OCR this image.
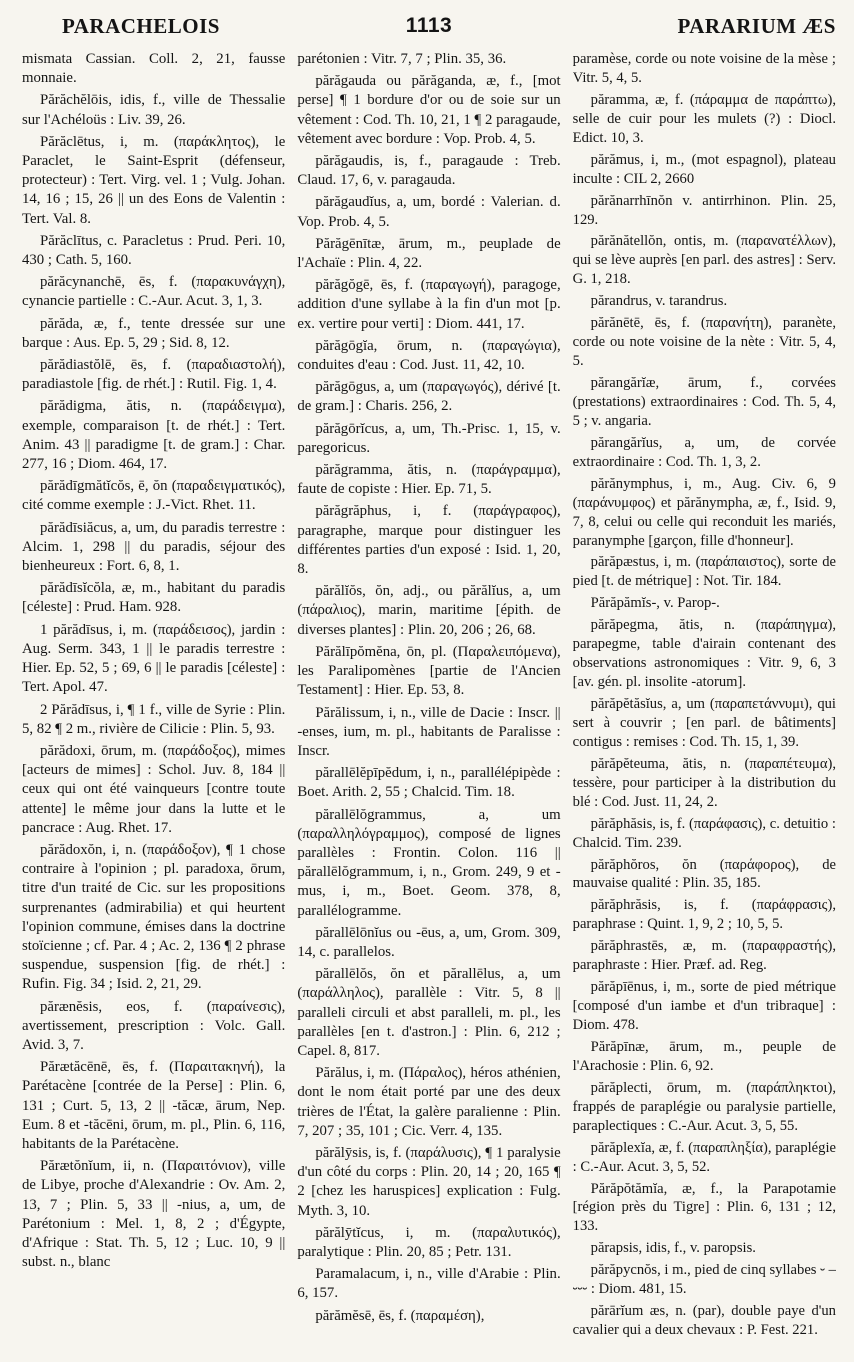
PARACHELOIS	1113	PARARIUM ÆS

mismata Cassian. Coll. 2, 21, fausse monnaie.

Părăchĕlōis, idis, f., ville de Thessalie sur l'Achéloüs : Liv. 39, 26.

Părăclētus, i, m. (παράκλητος), le Paraclet, le Saint-Esprit (défenseur, protecteur) : Tert. Virg. vel. 1 ; Vulg. Johan. 14, 16 ; 15, 26 || un des Eons de Valentin : Tert. Val. 8.

Părăclītus, c. Paracletus : Prud. Peri. 10, 430 ; Cath. 5, 160.

părăcynanchē, ēs, f. (παρακυνάγχη), cynancie partielle : C.-Aur. Acut. 3, 1, 3.

părăda, æ, f., tente dressée sur une barque : Aus. Ep. 5, 29 ; Sid. 8, 12.

părădiastŏlē, ēs, f. (παραδιαστολή), paradiastole [fig. de rhét.] : Rutil. Fig. 1, 4.

părădigma, ătis, n. (παράδειγμα), exemple, comparaison [t. de rhét.] : Tert. Anim. 43 || paradigme [t. de gram.] : Char. 277, 16 ; Diom. 464, 17.

părădīgmătĭcŏs, ē, ŏn (παραδειγματικός), cité comme exemple : J.-Vict. Rhet. 11.

părădīsiăcus, a, um, du paradis terrestre : Alcim. 1, 298 || du paradis, séjour des bienheureux : Fort. 6, 8, 1.

părădīsĭcŏla, æ, m., habitant du paradis [céleste] : Prud. Ham. 928.

1 părădīsus, i, m. (παράδεισος), jardin : Aug. Serm. 343, 1 || le paradis terrestre : Hier. Ep. 52, 5 ; 69, 6 || le paradis [céleste] : Tert. Apol. 47.

2 Părădīsus, i, ¶ 1 f., ville de Syrie : Plin. 5, 82 ¶ 2 m., rivière de Cilicie : Plin. 5, 93.

părădoxi, ōrum, m. (παράδοξος), mimes [acteurs de mimes] : Schol. Juv. 8, 184 || ceux qui ont été vainqueurs [contre toute attente] le même jour dans la lutte et le pancrace : Aug. Rhet. 17.

părădoxŏn, i, n. (παράδοξον), ¶ 1 chose contraire à l'opinion ; pl. paradoxa, ōrum, titre d'un traité de Cic. sur les propositions surprenantes (admirabilia) et qui heurtent l'opinion commune, émises dans la doctrine stoïcienne ; cf. Par. 4 ; Ac. 2, 136 ¶ 2 phrase suspendue, suspension [fig. de rhét.] : Rufin. Fig. 34 ; Isid. 2, 21, 29.

părænĕsis, eos, f. (παραίνεσις), avertissement, prescription : Volc. Gall. Avid. 3, 7.

Părætăcēnē, ēs, f. (Παραιτακηνή), la Parétacène [contrée de la Perse] : Plin. 6, 131 ; Curt. 5, 13, 2 || -tăcæ, ārum, Nep. Eum. 8 et -tăcēni, ōrum, m. pl., Plin. 6, 116, habitants de la Parétacène.

Părætŏnĭum, ii, n. (Παραιτόνιον), ville de Libye, proche d'Alexandrie : Ov. Am. 2, 13, 7 ; Plin. 5, 33 || -nius, a, um, de Parétonium : Mel. 1, 8, 2 ; d'Égypte, d'Afrique : Stat. Th. 5, 12 ; Luc. 10, 9 || subst. n., blanc

parétonien : Vitr. 7, 7 ; Plin. 35, 36.

părăgauda ou părăganda, æ, f., [mot perse] ¶ 1 bordure d'or ou de soie sur un vêtement : Cod. Th. 10, 21, 1 ¶ 2 paragaude, vêtement avec bordure : Vop. Prob. 4, 5.

părăgaudis, is, f., paragaude : Treb. Claud. 17, 6, v. paragauda.

părăgaudĭus, a, um, bordé : Valerian. d. Vop. Prob. 4, 5.

Părăgēnītæ, ārum, m., peuplade de l'Achaïe : Plin. 4, 22.

părăgŏgē, ēs, f. (παραγωγή), paragoge, addition d'une syllabe à la fin d'un mot [p. ex. vertire pour verti] : Diom. 441, 17.

părăgōgĭa, ōrum, n. (παραγώγια), conduites d'eau : Cod. Just. 11, 42, 10.

părăgōgus, a, um (παραγωγός), dérivé [t. de gram.] : Charis. 256, 2.

părăgōrĭcus, a, um, Th.-Prisc. 1, 15, v. paregoricus.

părăgramma, ătis, n. (παράγραμμα), faute de copiste : Hier. Ep. 71, 5.

părăgrăphus, i, f. (παράγραφος), paragraphe, marque pour distinguer les différentes parties d'un exposé : Isid. 1, 20, 8.

părălĭŏs, ŏn, adj., ou părălĭus, a, um (πάραλιος), marin, maritime [épith. de diverses plantes] : Plin. 20, 206 ; 26, 68.

Părălīpŏmĕna, ōn, pl. (Παραλειπόμενα), les Paralipomènes [partie de l'Ancien Testament] : Hier. Ep. 53, 8.

Părălissum, i, n., ville de Dacie : Inscr. || -enses, ium, m. pl., habitants de Paralisse : Inscr.

părallēlĕpīpĕdum, i, n., parallélépipède : Boet. Arith. 2, 55 ; Chalcid. Tim. 18.

părallēlŏgrammus, a, um (παραλληλόγραμμος), composé de lignes parallèles : Frontin. Colon. 116 || părallēlŏgrammum, i, n., Grom. 249, 9 et -mus, i, m., Boet. Geom. 378, 8, parallélogramme.

părallēlōnĭus ou -ēus, a, um, Grom. 309, 14, c. parallelos.

părallēlŏs, ŏn et părallēlus, a, um (παράλληλος), parallèle : Vitr. 5, 8 || paralleli circuli et abst paralleli, m. pl., les parallèles [en t. d'astron.] : Plin. 6, 212 ; Capel. 8, 817.

Părălus, i, m. (Πάραλος), héros athénien, dont le nom était porté par une des deux trières de l'État, la galère paralienne : Plin. 7, 207 ; 35, 101 ; Cic. Verr. 4, 135.

părălȳsis, is, f. (παράλυσις), ¶ 1 paralysie d'un côté du corps : Plin. 20, 14 ; 20, 165 ¶ 2 [chez les haruspices] explication : Fulg. Myth. 3, 10.

părălȳtĭcus, i, m. (παραλυτικός), paralytique : Plin. 20, 85 ; Petr. 131.

Paramalacum, i, n., ville d'Arabie : Plin. 6, 157.

părămĕsē, ēs, f. (παραμέση),

paramèse, corde ou note voisine de la mèse ; Vitr. 5, 4, 5.

părammа, æ, f. (πάραμμα de παράπτω), selle de cuir pour les mulets (?) : Diocl. Edict. 10, 3.

părămus, i, m., (mot espagnol), plateau inculte : CIL 2, 2660

părănarrhīnŏn v. antirrhinon. Plin. 25, 129.

părănătellŏn, ontis, m. (παρανατέλλων), qui se lève auprès [en parl. des astres] : Serv. G. 1, 218.

părandrus, v. tarandrus.

părănētē, ēs, f. (παρανήτη), paranète, corde ou note voisine de la nète : Vitr. 5, 4, 5.

părangărĭæ, ārum, f., corvées (prestations) extraordinaires : Cod. Th. 5, 4, 5 ; v. angaria.

părangărĭus, a, um, de corvée extraordinaire : Cod. Th. 1, 3, 2.

părănymphus, i, m., Aug. Civ. 6, 9 (παράνυμφος) et părănympha, æ, f., Isid. 9, 7, 8, celui ou celle qui reconduit les mariés, paranymphe [garçon, fille d'honneur].

părăpæstus, i, m. (παράπαιστος), sorte de pied [t. de métrique] : Not. Tir. 184.

Părăpămĭs-, v. Parop-.

părăpegma, ătis, n. (παράπηγμα), parapegme, table d'airain contenant des observations astronomiques : Vitr. 9, 6, 3 [av. gén. pl. insolite -atorum].

părăpĕtăsĭus, a, um (παραπετάννυμι), qui sert à couvrir ; [en parl. de bâtiments] contigus : remises : Cod. Th. 15, 1, 39.

părăpĕteuma, ătis, n. (παραπέτευμα), tessère, pour participer à la distribution du blé : Cod. Just. 11, 24, 2.

părăphăsis, is, f. (παράφασις), c. detuitio : Chalcid. Tim. 239.

părăphŏros, ŏn (παράφορος), de mauvaise qualité : Plin. 35, 185.

părăphrăsis, is, f. (παράφρασις), paraphrase : Quint. 1, 9, 2 ; 10, 5, 5.

părăphrastēs, æ, m. (παραφραστής), paraphraste : Hier. Præf. ad. Reg.

părăpīēnus, i, m., sorte de pied métrique [composé d'un iambe et d'un tribraque] : Diom. 478.

Părăpīnæ, ārum, m., peuple de l'Arachosie : Plin. 6, 92.

părăplecti, ōrum, m. (παράπληκτοι), frappés de paraplégie ou paralysie partielle, paraplectiques : C.-Aur. Acut. 3, 5, 55.

părăplexĭa, æ, f. (παραπληξία), paraplégie : C.-Aur. Acut. 3, 5, 52.

Părăpŏtămĭa, æ, f., la Parapotamie [région près du Tigre] : Plin. 6, 131 ; 12, 133.

părapsis, idis, f., v. paropsis.

părăpycnŏs, i m., pied de cinq syllabes ⏑ – ⏑⏑⏑ : Diom. 481, 15.

părārĭum æs, n. (par), double paye d'un cavalier qui a deux chevaux : P. Fest. 221.
